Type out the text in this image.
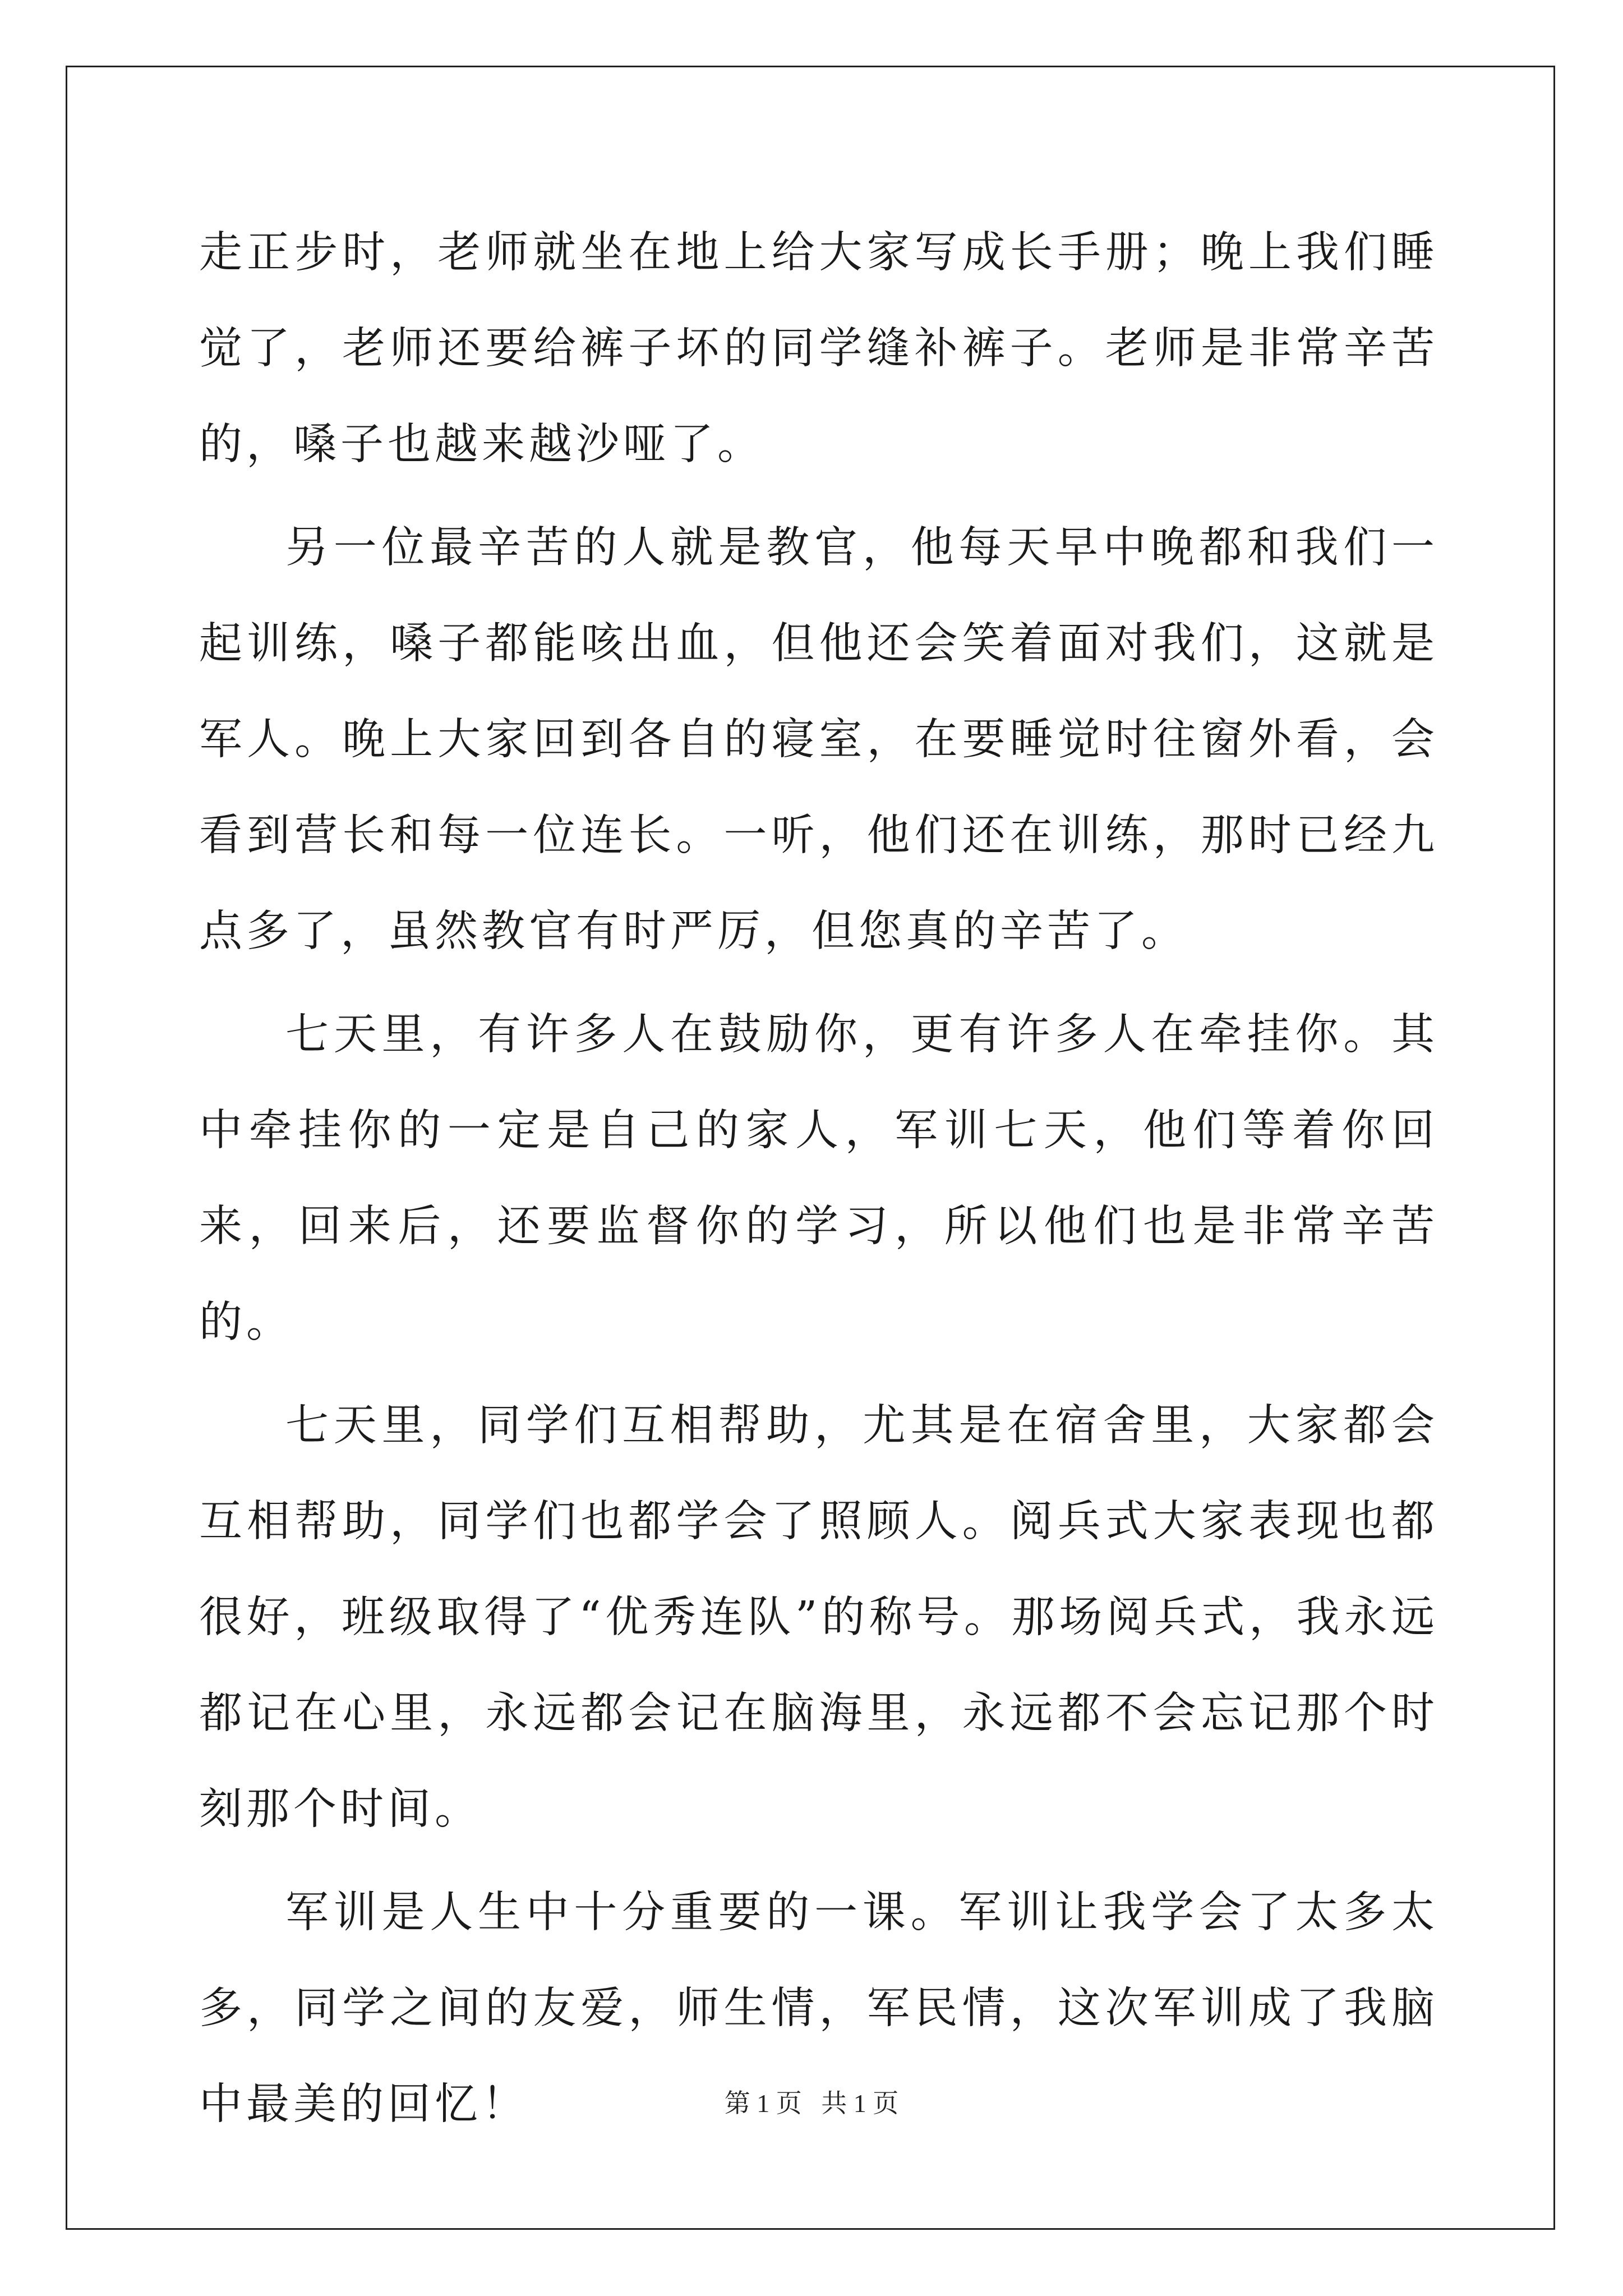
走正步时，老师就坐在地上给大家写成长手册；晚上我们睡觉了，老师还要给裤子坏的同学缝补裤子。老师是非常辛苦的，嗓子也越来越沙哑了。

另一位最辛苦的人就是教官，他每天早中晚都和我们一起训练，嗓子都能咳出血，但他还会笑着面对我们，这就是军人。晚上大家回到各自的寝室，在要睡觉时往窗外看，会看到营长和每一位连长。一听，他们还在训练，那时已经九点多了，虽然教官有时严厉，但您真的辛苦了。

七天里，有许多人在鼓励你，更有许多人在牵挂你。其中牵挂你的一定是自己的家人，军训七天，他们等着你回来，回来后，还要监督你的学习，所以他们也是非常辛苦的。

七天里，同学们互相帮助，尤其是在宿舍里，大家都会互相帮助，同学们也都学会了照顾人。阅兵式大家表现也都很好，班级取得了“优秀连队”的称号。那场阅兵式，我永远都记在心里，永远都会记在脑海里，永远都不会忘记那个时刻那个时间。

军训是人生中十分重要的一课。军训让我学会了太多太多，同学之间的友爱，师生情，军民情，这次军训成了我脑中最美的回忆！	第 1 页   共 1 页
